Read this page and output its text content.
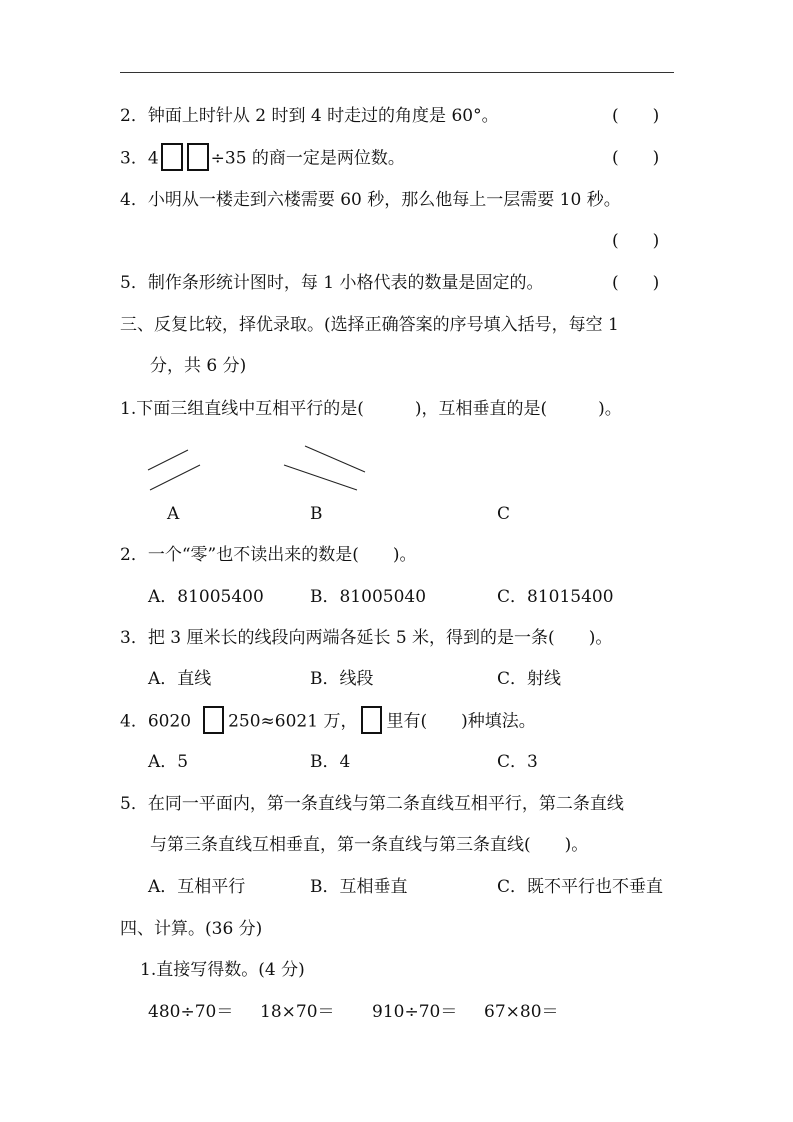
2．钟面上时针从 2 时到 4 时走过的角度是 60°。	(　　)
3．4	÷35 的商一定是两位数。	(　　)
4．小明从一楼走到六楼需要 60 秒，那么他每上一层需要 10 秒。
(　　)
5．制作条形统计图时，每 1 小格代表的数量是固定的。	(　　)
三、反复比较，择优录取。(选择正确答案的序号填入括号，每空 1
分，共 6 分)
1.下面三组直线中互相平行的是(　　　)，互相垂直的是(　　　)。
A	B	C
2．一个“零”也不读出来的数是(　　)。
A．81005400	B．81005040	C．81015400
3．把 3 厘米长的线段向两端各延长 5 米，得到的是一条(　　)。
A．直线	B．线段	C．射线
4．6020 250≈6021 万， 里有(　　)种填法。
A．5	B．4	C．3
5．在同一平面内，第一条直线与第二条直线互相平行，第二条直线
与第三条直线互相垂直，第一条直线与第三条直线(　　)。
A．互相平行	B．互相垂直	C．既不平行也不垂直
四、计算。(36 分)
1.直接写得数。(4 分)
480÷70＝ 18×70＝ 910÷70＝ 67×80＝
